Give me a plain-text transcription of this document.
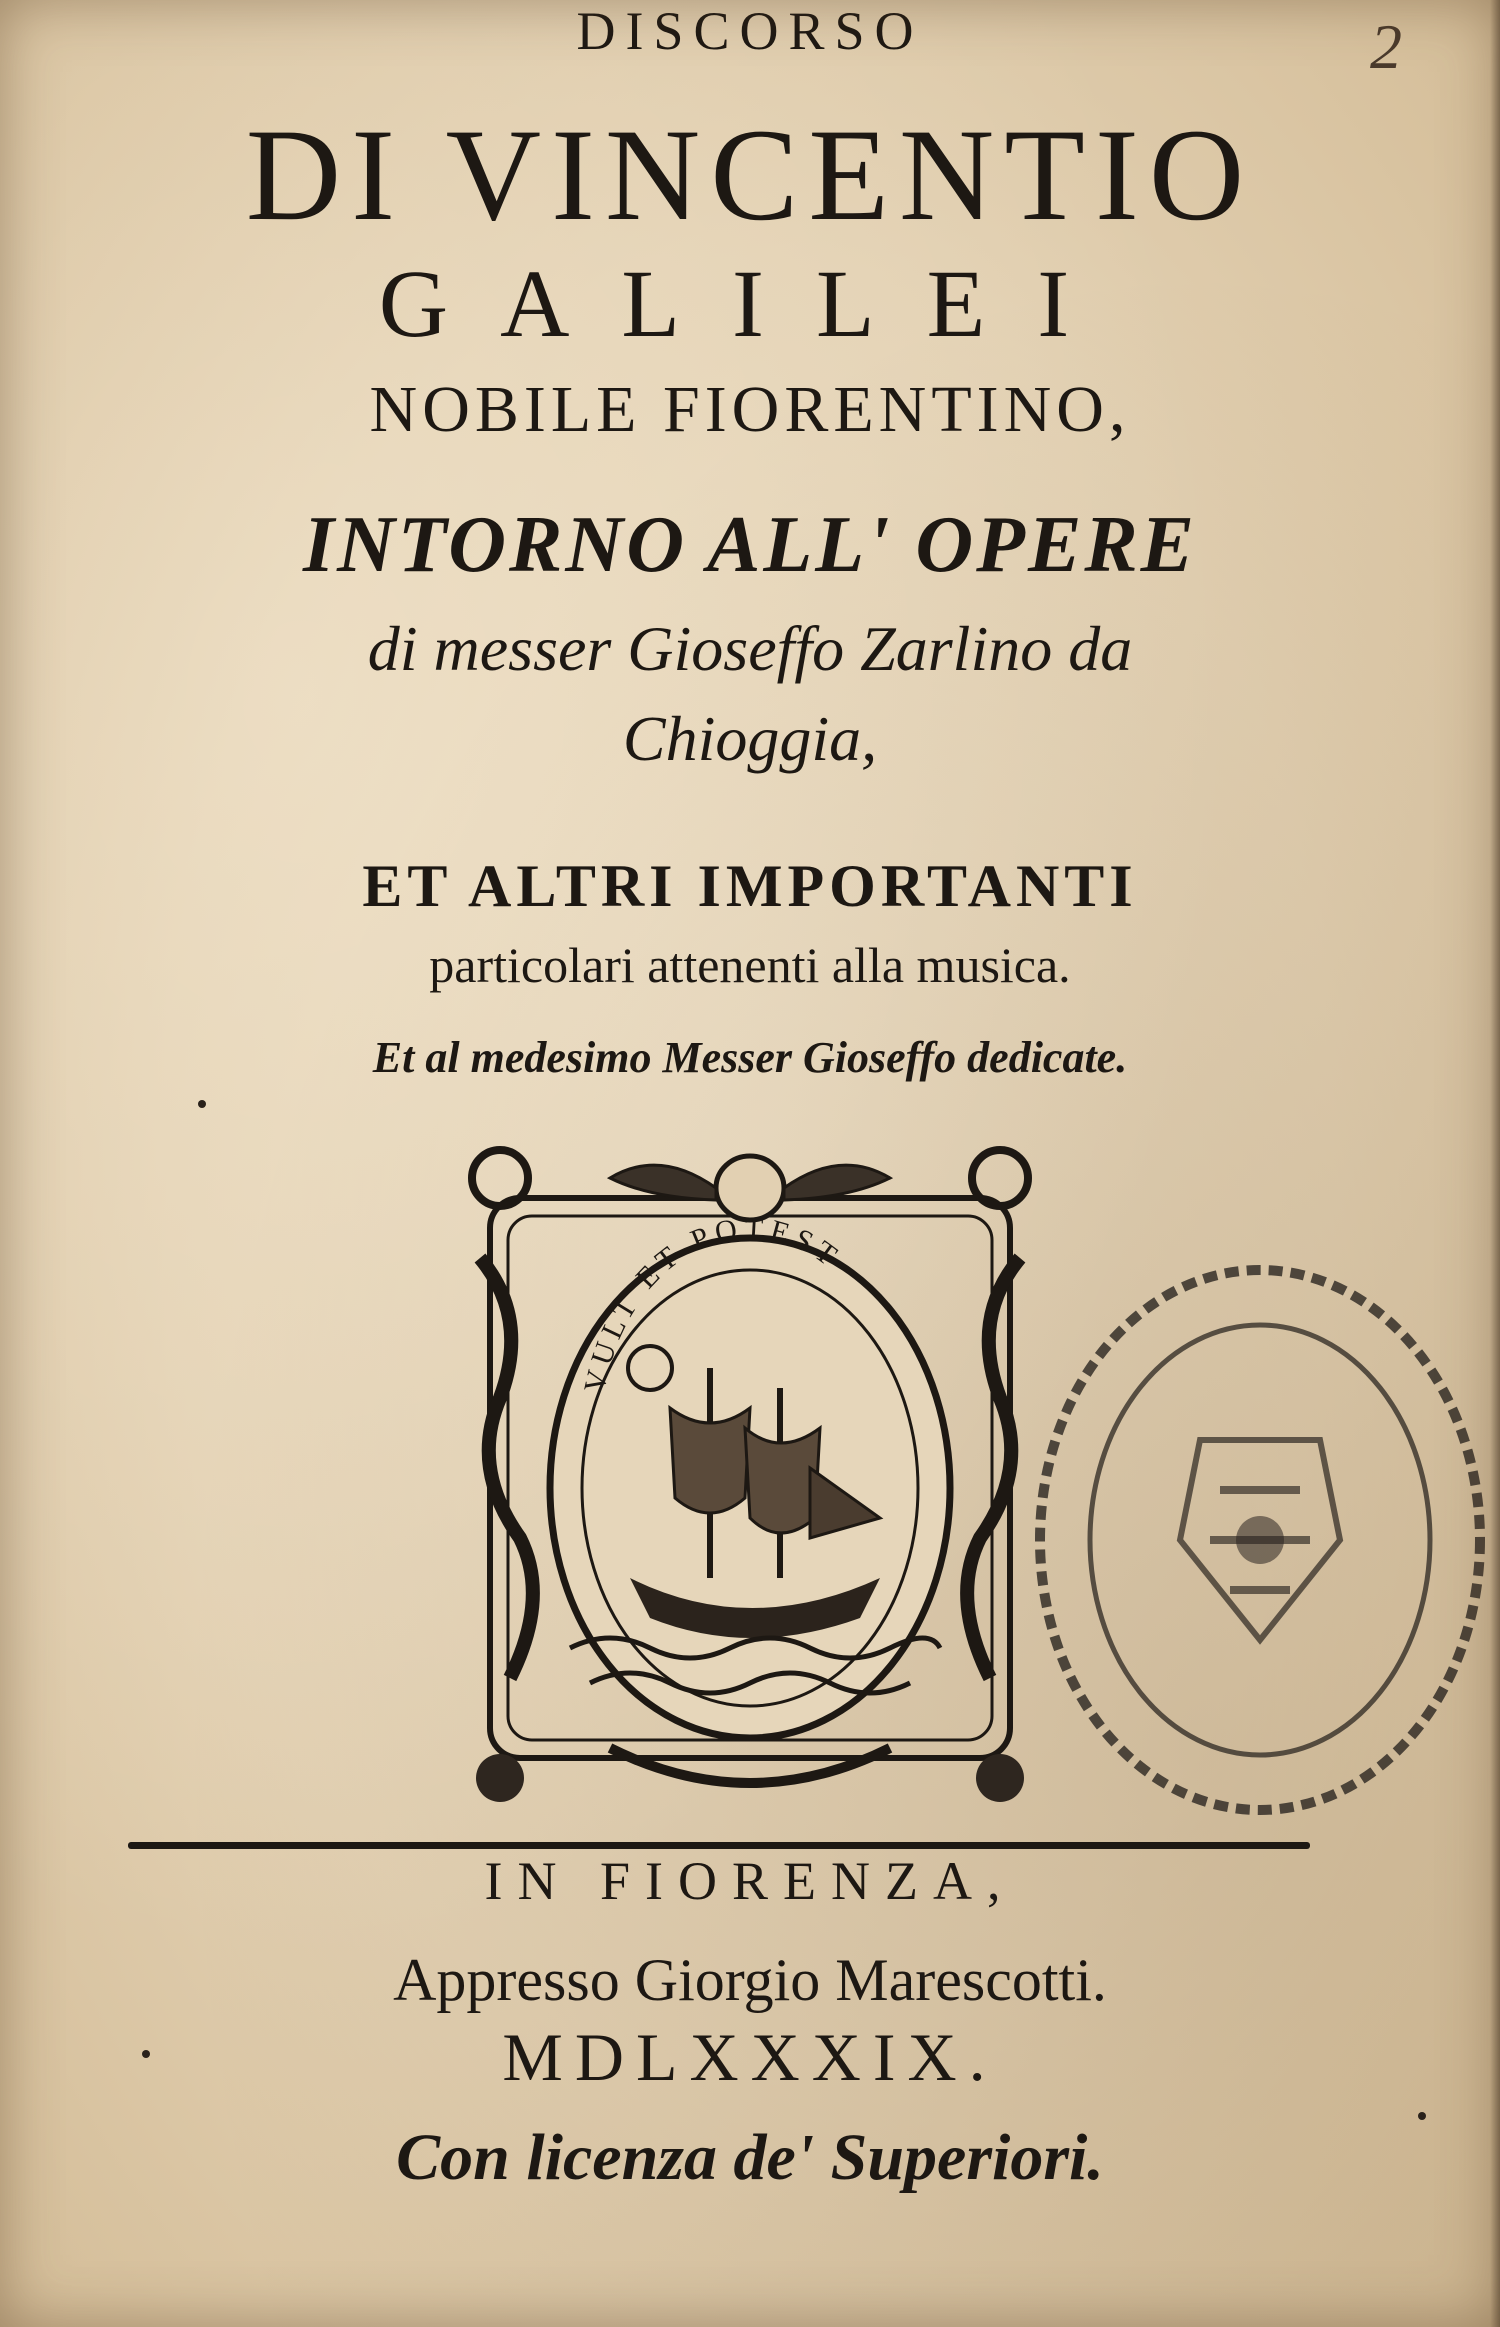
DISCORSO
DI VINCENTIO
GALILEI
NOBILE FIORENTINO,
INTORNO ALL' OPERE
di messer Gioseffo Zarlino da
Chioggia,
ET ALTRI IMPORTANTI
particolari attenenti alla musica.
Et al medesimo Messer Gioseffo dedicate.
VULT ET POTEST
IN FIORENZA,
Appresso Giorgio Marescotti.
MDLXXXIX.
Con licenza de' Superiori.
2
